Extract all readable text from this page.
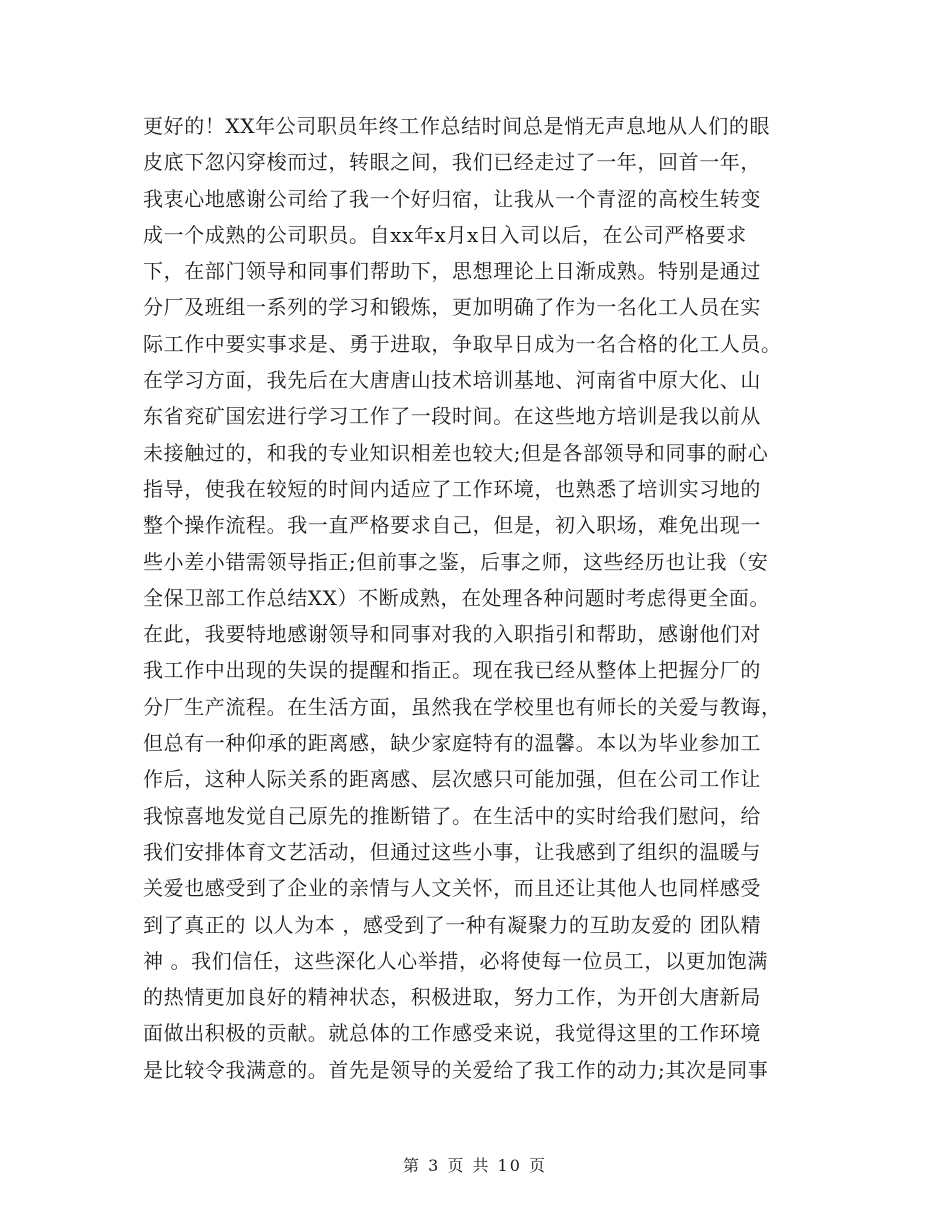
更好的！XX年公司职员年终工作总结时间总是悄无声息地从人们的眼
皮底下忽闪穿梭而过，转眼之间，我们已经走过了一年，回首一年，
我衷心地感谢公司给了我一个好归宿，让我从一个青涩的高校生转变
成一个成熟的公司职员。自xx年x月x日入司以后，在公司严格要求
下，在部门领导和同事们帮助下，思想理论上日渐成熟。特别是通过
分厂及班组一系列的学习和锻炼，更加明确了作为一名化工人员在实
际工作中要实事求是、勇于进取，争取早日成为一名合格的化工人员。
在学习方面，我先后在大唐唐山技术培训基地、河南省中原大化、山
东省兖矿国宏进行学习工作了一段时间。在这些地方培训是我以前从
未接触过的，和我的专业知识相差也较大;但是各部领导和同事的耐心
指导，使我在较短的时间内适应了工作环境，也熟悉了培训实习地的
整个操作流程。我一直严格要求自己，但是，初入职场，难免出现一
些小差小错需领导指正;但前事之鉴，后事之师，这些经历也让我（安
全保卫部工作总结XX）不断成熟，在处理各种问题时考虑得更全面。
在此，我要特地感谢领导和同事对我的入职指引和帮助，感谢他们对
我工作中出现的失误的提醒和指正。现在我已经从整体上把握分厂的
分厂生产流程。在生活方面，虽然我在学校里也有师长的关爱与教诲，
但总有一种仰承的距离感，缺少家庭特有的温馨。本以为毕业参加工
作后，这种人际关系的距离感、层次感只可能加强，但在公司工作让
我惊喜地发觉自己原先的推断错了。在生活中的实时给我们慰问，给
我们安排体育文艺活动，但通过这些小事，让我感到了组织的温暖与
关爱也感受到了企业的亲情与人文关怀，而且还让其他人也同样感受
到了真正的 以人为本 ，感受到了一种有凝聚力的互助友爱的 团队精
神 。我们信任，这些深化人心举措，必将使每一位员工，以更加饱满
的热情更加良好的精神状态，积极进取，努力工作，为开创大唐新局
面做出积极的贡献。就总体的工作感受来说，我觉得这里的工作环境
是比较令我满意的。首先是领导的关爱给了我工作的动力;其次是同事
第 3 页 共 10 页
